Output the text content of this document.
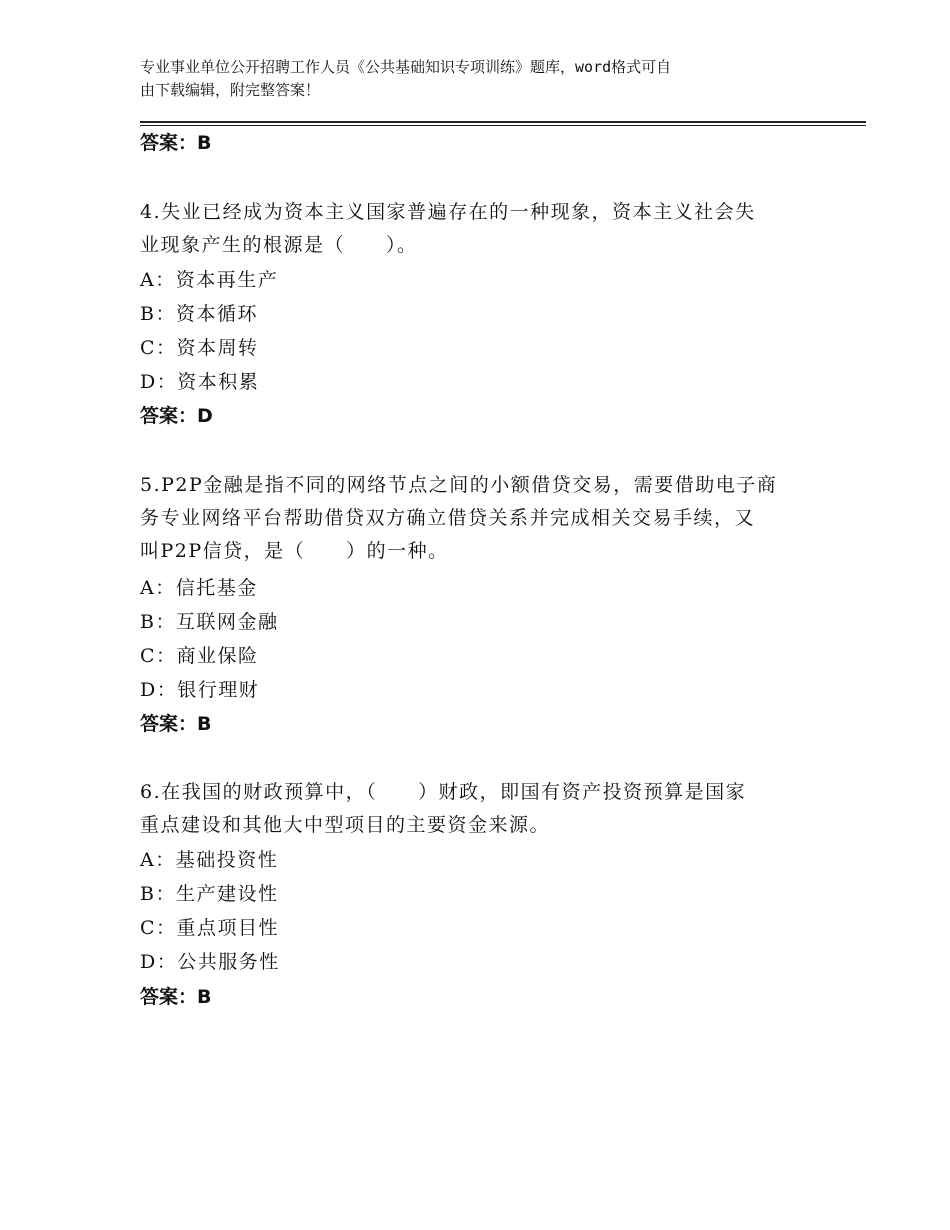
专业事业单位公开招聘工作人员《公共基础知识专项训练》题库，word格式可自
由下载编辑，附完整答案！
答案：B
4.失业已经成为资本主义国家普遍存在的一种现象，资本主义社会失
业现象产生的根源是（　　）。
A：资本再生产
B：资本循环
C：资本周转
D：资本积累
答案：D
5.P2P金融是指不同的网络节点之间的小额借贷交易，需要借助电子商
务专业网络平台帮助借贷双方确立借贷关系并完成相关交易手续，又
叫P2P信贷，是（　　）的一种。
A：信托基金
B：互联网金融
C：商业保险
D：银行理财
答案：B
6.在我国的财政预算中，（　　）财政，即国有资产投资预算是国家
重点建设和其他大中型项目的主要资金来源。
A：基础投资性
B：生产建设性
C：重点项目性
D：公共服务性
答案：B
